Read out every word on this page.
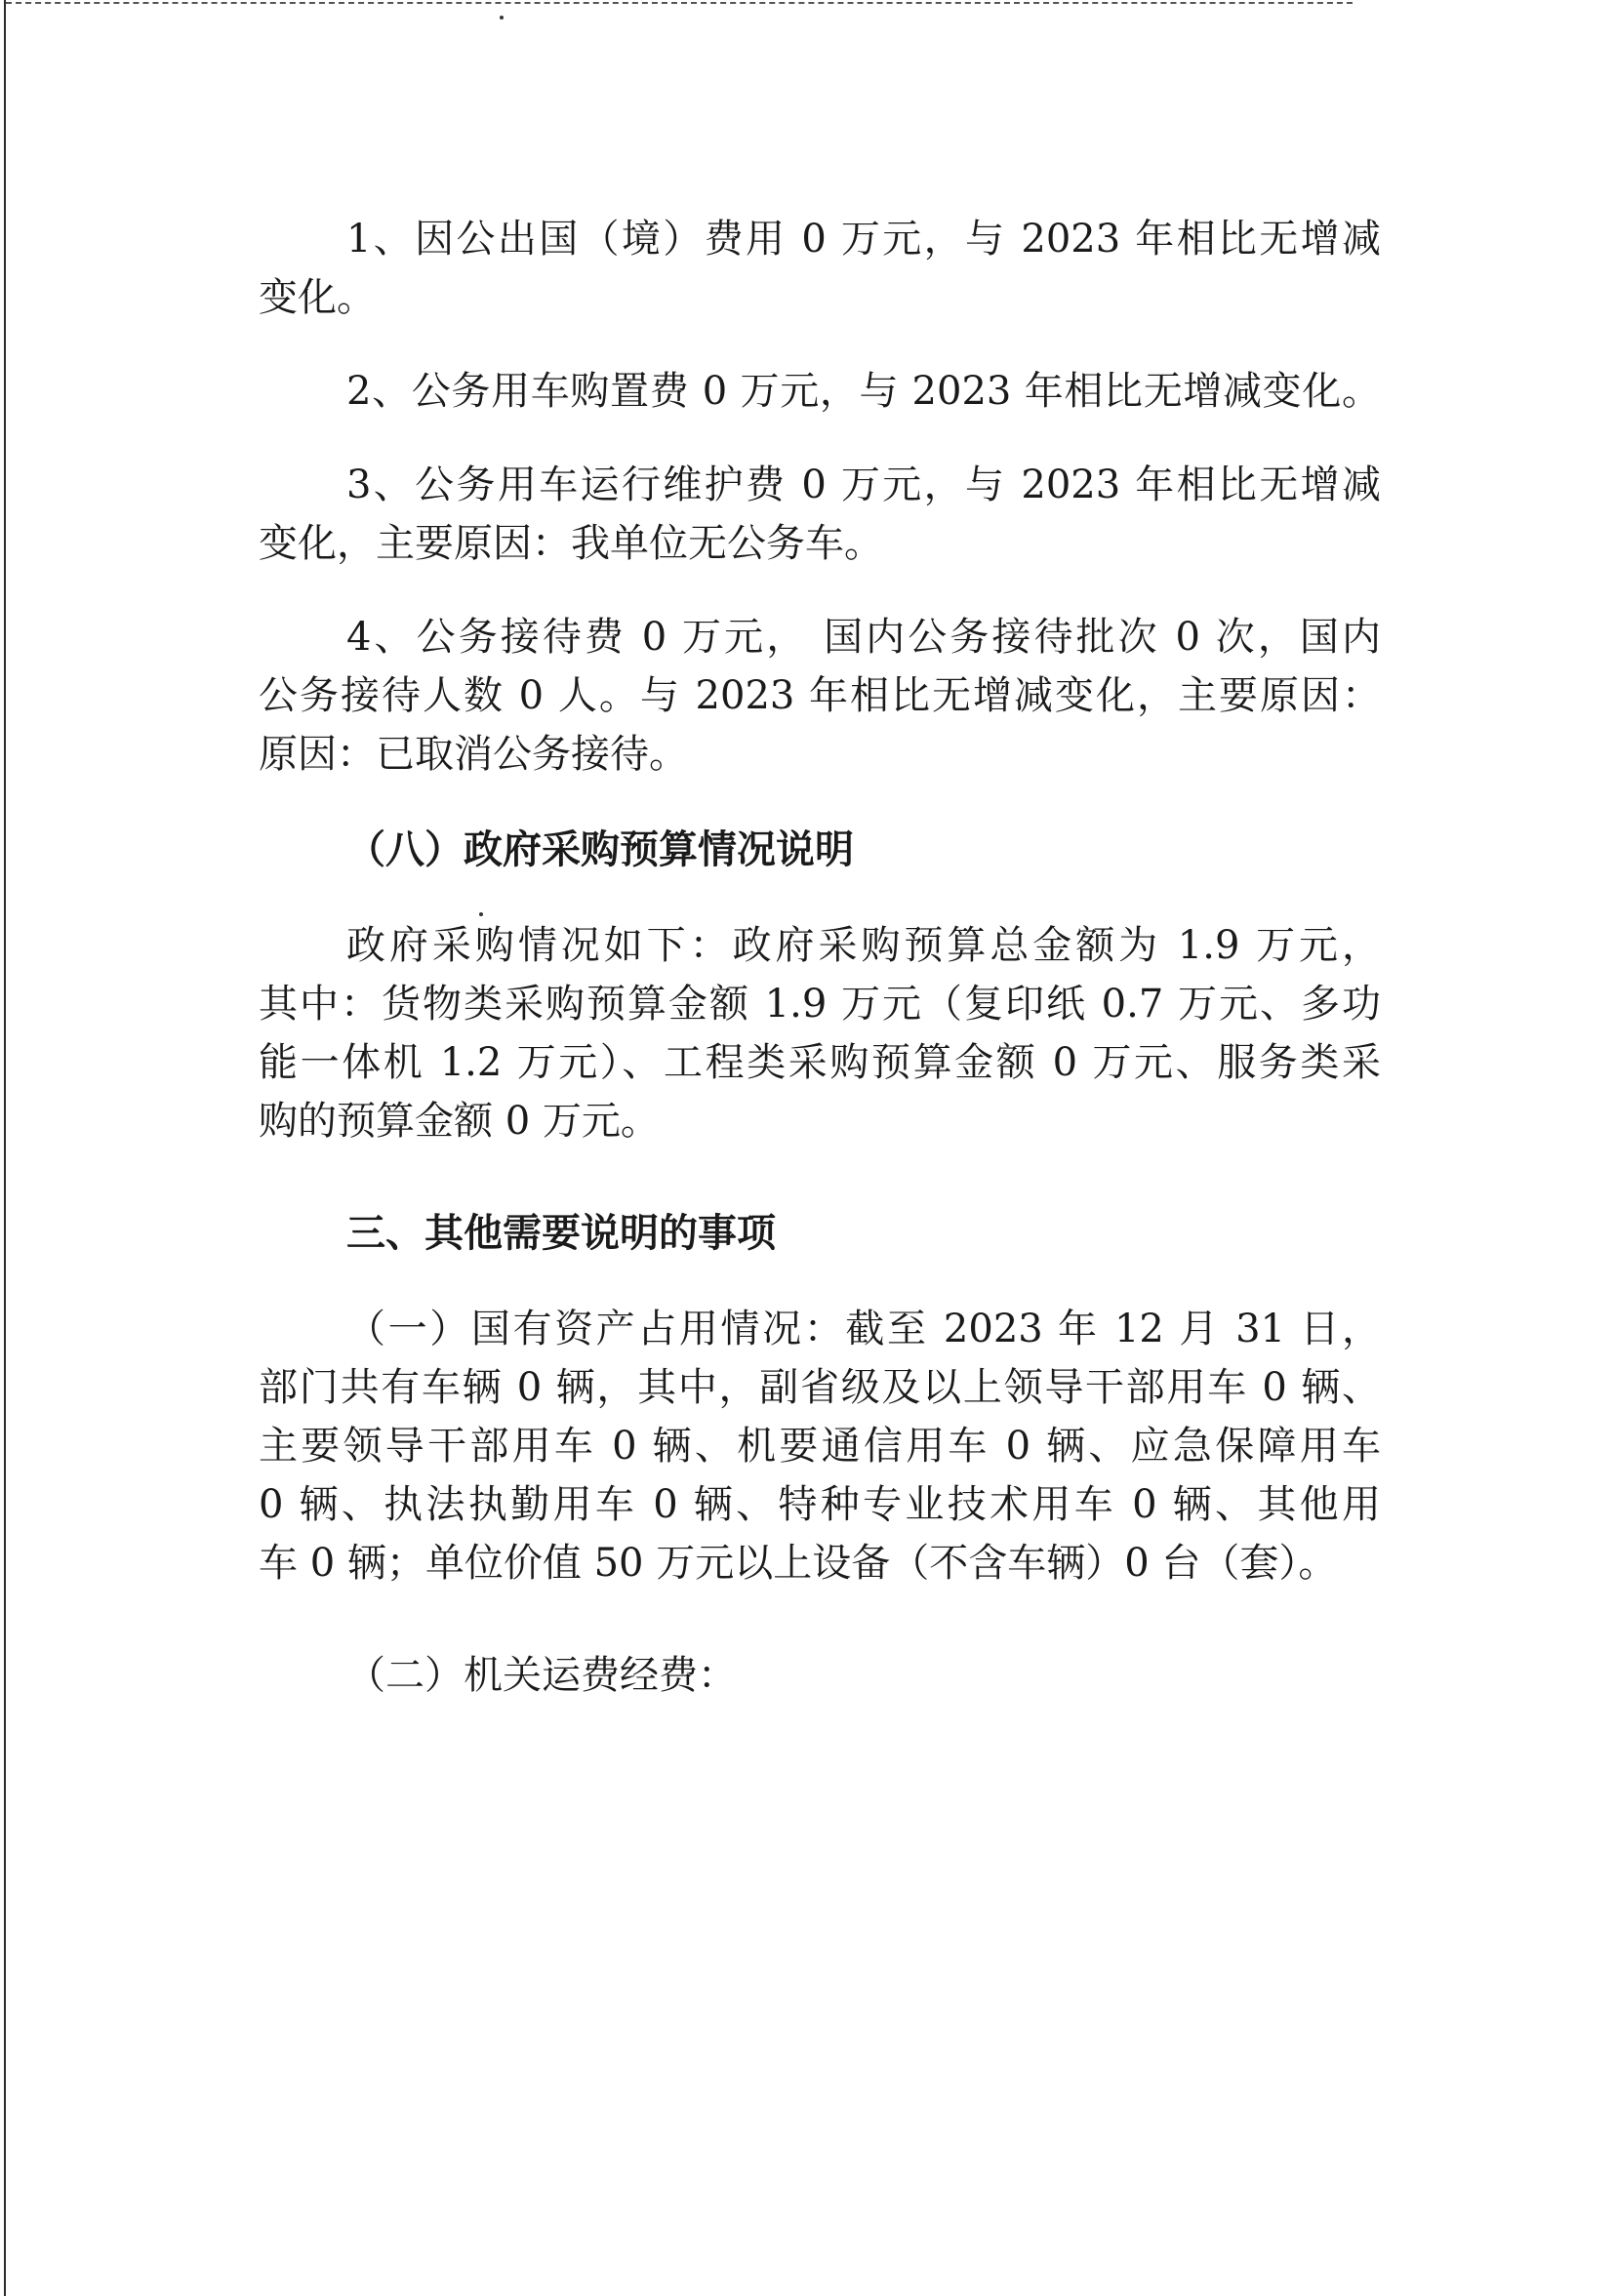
1、因公出国（境）费用 0 万元，与 2023 年相比无增减
变化。
2、公务用车购置费 0 万元，与 2023 年相比无增减变化。
3、公务用车运行维护费 0 万元，与 2023 年相比无增减
变化，主要原因：我单位无公务车。
4、公务接待费 0 万元， 国内公务接待批次 0 次，国内
公务接待人数 0 人。与 2023 年相比无增减变化，主要原因：
原因：已取消公务接待。
（八）政府采购预算情况说明
政府采购情况如下：政府采购预算总金额为 1.9 万元，
其中：货物类采购预算金额 1.9 万元（复印纸 0.7 万元、多功
能一体机 1.2 万元）、工程类采购预算金额 0 万元、服务类采
购的预算金额 0 万元。
三、其他需要说明的事项
（一）国有资产占用情况：截至 2023 年 12 月 31 日，
部门共有车辆 0 辆，其中，副省级及以上领导干部用车 0 辆、
主要领导干部用车 0 辆、机要通信用车 0 辆、应急保障用车
0 辆、执法执勤用车 0 辆、特种专业技术用车 0 辆、其他用
车 0 辆；单位价值 50 万元以上设备（不含车辆）0 台（套）。
（二）机关运费经费：
